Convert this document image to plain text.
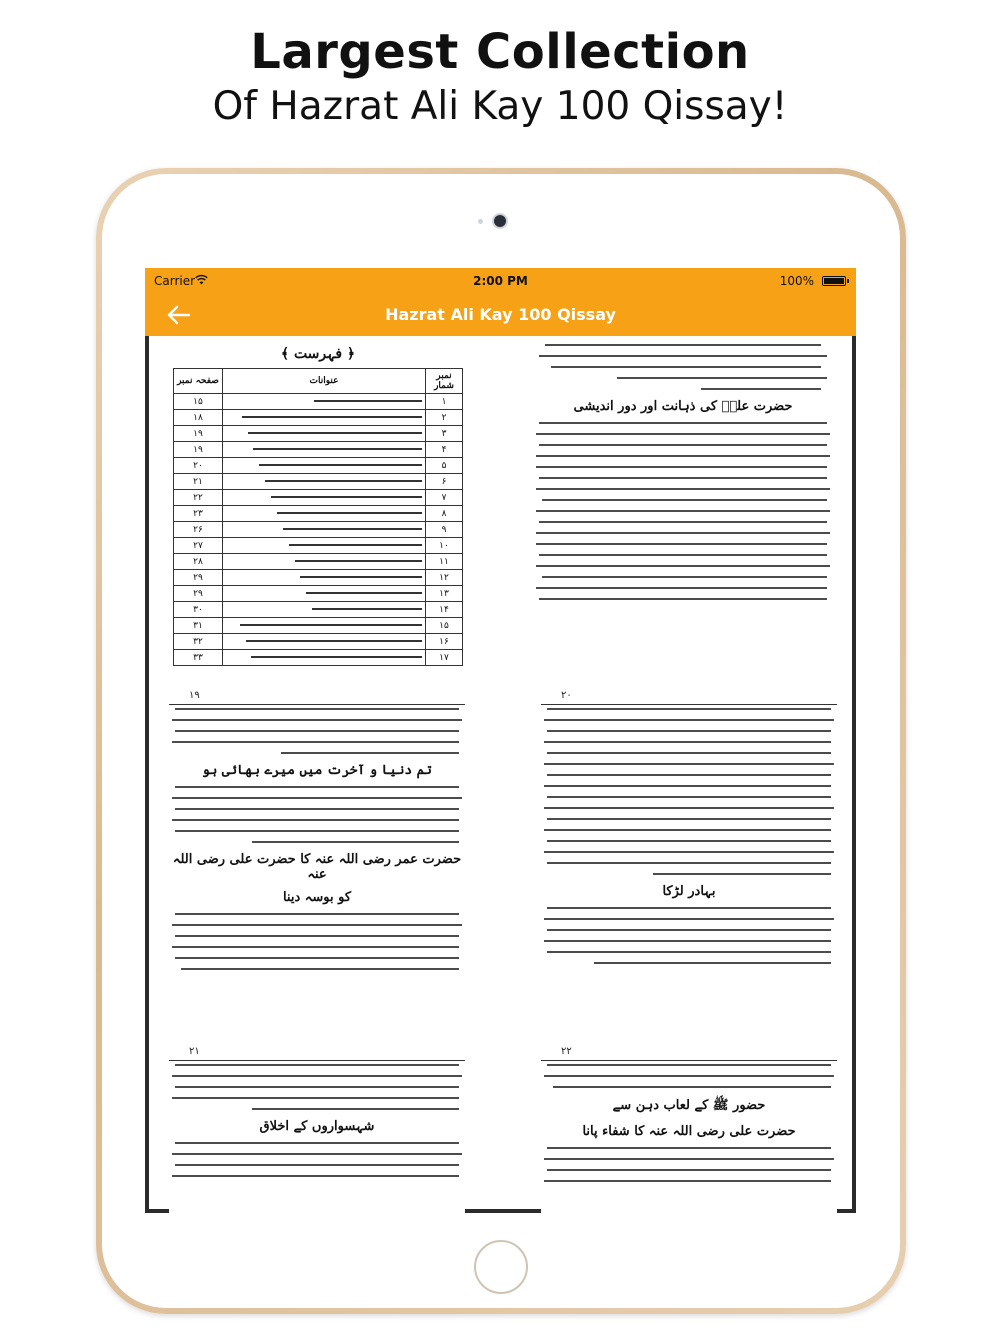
Largest Collection
Of Hazrat Ali Kay 100 Qissay!
Carrier	2:00 PM	100%
Hazrat Ali Kay 100 Qissay
﴾ فہرست ﴿
نمبر شمار	عنوانات	صفحہ نمبر
۱		۱۵
۲		۱۸
۳		۱۹
۴		۱۹
۵		۲۰
۶		۲۱
۷		۲۲
۸		۲۳
۹		۲۶
۱۰		۲۷
۱۱		۲۸
۱۲		۲۹
۱۳		۲۹
۱۴		۳۰
۱۵		۳۱
۱۶		۳۲
۱۷		۳۳
حضرت علیؓ کی ذہانت اور دور اندیشی
۱۹
تم دنیا و آخرت میں میرے بھائی ہو
حضرت عمر رضی اللہ عنہ کا حضرت علی رضی اللہ عنہ
کو بوسہ دینا
۲۰
بہادر لڑکا
۲۱
شہسواروں کے اخلاق
۲۲
حضور ﷺ کے لعاب دہن سے
حضرت علی رضی اللہ عنہ کا شفاء پانا
